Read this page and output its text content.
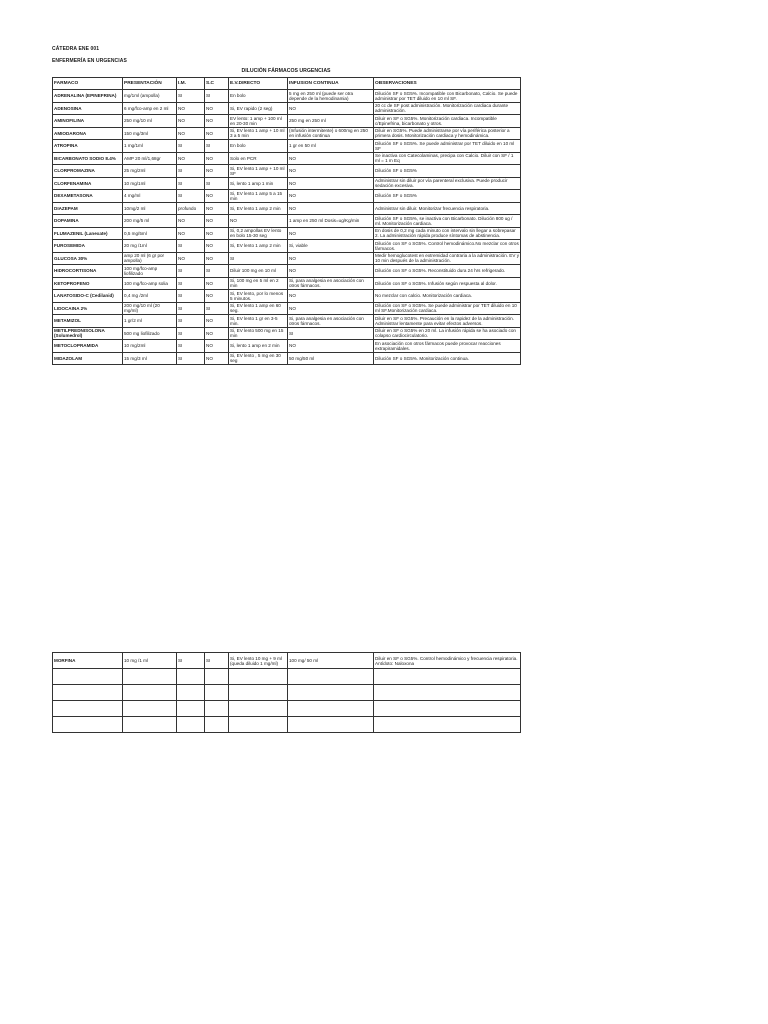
CÁTEDRA ENE 001
ENFERMERÍA EN URGENCIAS
DILUCIÓN FÁRMACOS URGENCIAS
FARMACO	PRESENTACIÓN	I.M.	S.C	E.V.DIRECTO	INFUSION CONTINUA	OBSERVACIONES
ADRENALINA (EPINEFRINA)	mg/1ml (ampolla)	SI	SI	En bolo	5 mg en 250 ml (puede ser otra depende de la hemodinamia)	Dilución SF o SG5%. Incompatible con Bicarbonato, Calcio. Se puede administrar por TET diluido en 10 ml SF.
ADENOSINA	6 mg/fco-amp en 2 ml	NO	NO	Si, EV rapido (2 seg)	NO	20 cc de SF post administración. Monitorización cardiaca durante administración.
AMINOFILINA	250 mg/10 ml	NO	NO	EV lento: 1 amp + 100 ml en 20-30 min	250 mg en 250 ml	Diluir en SF o SG5%. Monitorización cardiaca. Incompatible c/Epinefrina, bicarbonato y otros.
AMIODARONA	150 mg/3ml	NO	NO	Si, EV lento 1 amp + 10 ml 3 a 5 min	(Infusión intermitente) o 600mg en 250 en infusión continua	Diluir en SG5%. Puede administrarse por vía periférica posterior a primera dosis. Monitorización cardiaca y hemodinámica.
ATROPINA	1 mg/1ml	SI	SI	En bolo	1 gr en 50 ml	Dilución SF o SG5%. Se puede administrar por TET diluido en 10 ml SF
BICARBONATO SODIO 8.4%	AMP 20 ml/1,68gr	NO	NO	Solo en PCR	NO	Se inactiva con Catecolaminas, precipa con Calcio. Diluir con SF / 1 ml = 1 m Eq
CLORPROMAZINA	25 mg/2ml	SI	NO	Si, EV lento 1 amp + 10 ml SF	NO	Dilución SF o SG5%
CLORFENAMINA	10 mg/1ml	SI	SI	Si, lento 1 amp 1 min	NO	Administrar sin diluir por vía parenteral exclusiva. Puede producir sedación excesiva.
DEXAMETASONA	4 mg/ml	SI	NO	Si, EV lento 1 amp 5 a 15 min	NO	Dilución SF o SG5%
DIAZEPAM	10mg/2 ml	profundo	NO	Si, EV lento 1 amp 2 min	NO	Administrar sin diluir. Monitorizar frecuencia respiratoria.
DOPAMINA	200 mg/5 ml	NO	NO	NO	1 amp en 250 ml Dosis=ug/Kg/min	Dilución SF o SG5%, se inactiva con Bicarbonato. Dilución 800 ug / ml. Monitorización cardiaca.
FLUMAZENIL (Lanexate)	0,5 mg/5ml	NO	NO	Si, 0,2 ampollas EV lento en bolo 15-30 seg	NO	En dosis de 0,2 mg cada minuto con intervalo sin llegar a sobrepasar 2. La administración rápida produce síntomas de abstinencia.
FUROSEMIDA	20 mg /1ml	SI	NO	Si, EV lento 1 amp 2 min	Si, viable	Dilución con SF o SG5%. Control hemodinámico.No mezclar con otros fármacos.
GLUCOSA 30%	amp 20 ml (6 gr por ampolla)	NO	NO	SI	NO	Medir hemoglucotest en extremidad contraria a la administración. EV y 10 min después de la administración.
HIDROCORTISONA	100 mg/fco-amp liofilizado	SI	SI	Diluir 100 mg en 10 ml	NO	Dilución con SF o SG5%. Reconstituido dura 24 hrs refrigerado.
KETOPROFENO	100 mg/fco-amp solia	SI	NO	Si, 100 mg en 5 ml en 2 min	Si, para analgesia en asociación con otros fármacos.	Dilución con SF o SG5%. Infusión según respuesta al dolor.
LANATOSIDO-C (Cedilanid)	0,4 mg /2ml	SI	NO	Si, EV lento, por lo menos 5 minutos.	NO	No mezclar con calcio. Monitorización cardiaca.
LIDOCAINA 2%	200 mg/10 ml (20 mg/ml)	SI	SI	Si, EV lento 1 amp en 60 seg.	NO	Dilución con SF o SG5%. Se puede administrar por TET diluido en 10 ml SF.Monitorización cardiaca.
METAMIZOL	1 gr/2 ml	SI	NO	Si, EV lento 1 gr en 3-5 min.	Si, para analgesia en asociación con otros fármacos.	Diluir en SF o SG5%. Precaución en la rapidez de la administración. Administrar lentamente para evitar efectos adversos.
METILPREDNISOLONA (Solumedrol)	500 mg liofilizado	SI	NO	Si, EV lento 500 mg en 15 min	SI	Diluir en SF o SG5% en 20 ml. La infusión rápida se ha asociado con colapso cardiocirculatorio.
METOCLOPRAMIDA	10 mg/2ml	SI	NO	Si, lento 1 amp en 2 min	NO	En asociación con otros fármacos puede provocar reacciones extrapiramidales.
MIDAZOLAM	15 mg/3 ml	SI	NO	Si, EV lento , 5 mg en 30 seg	50 mg/50 ml	Dilución SF o SG5%. Monitorización continua.
MORFINA	10 mg /1 ml	SI	SI	Si, EV lento 10 mg + 9 ml (queda diluido 1 mg/ml)	100 mg/ 50 ml	Diluir en SF o SG5%. Control hemodinámico y frecuencia respiratoria. Antídoto: Naloxona
